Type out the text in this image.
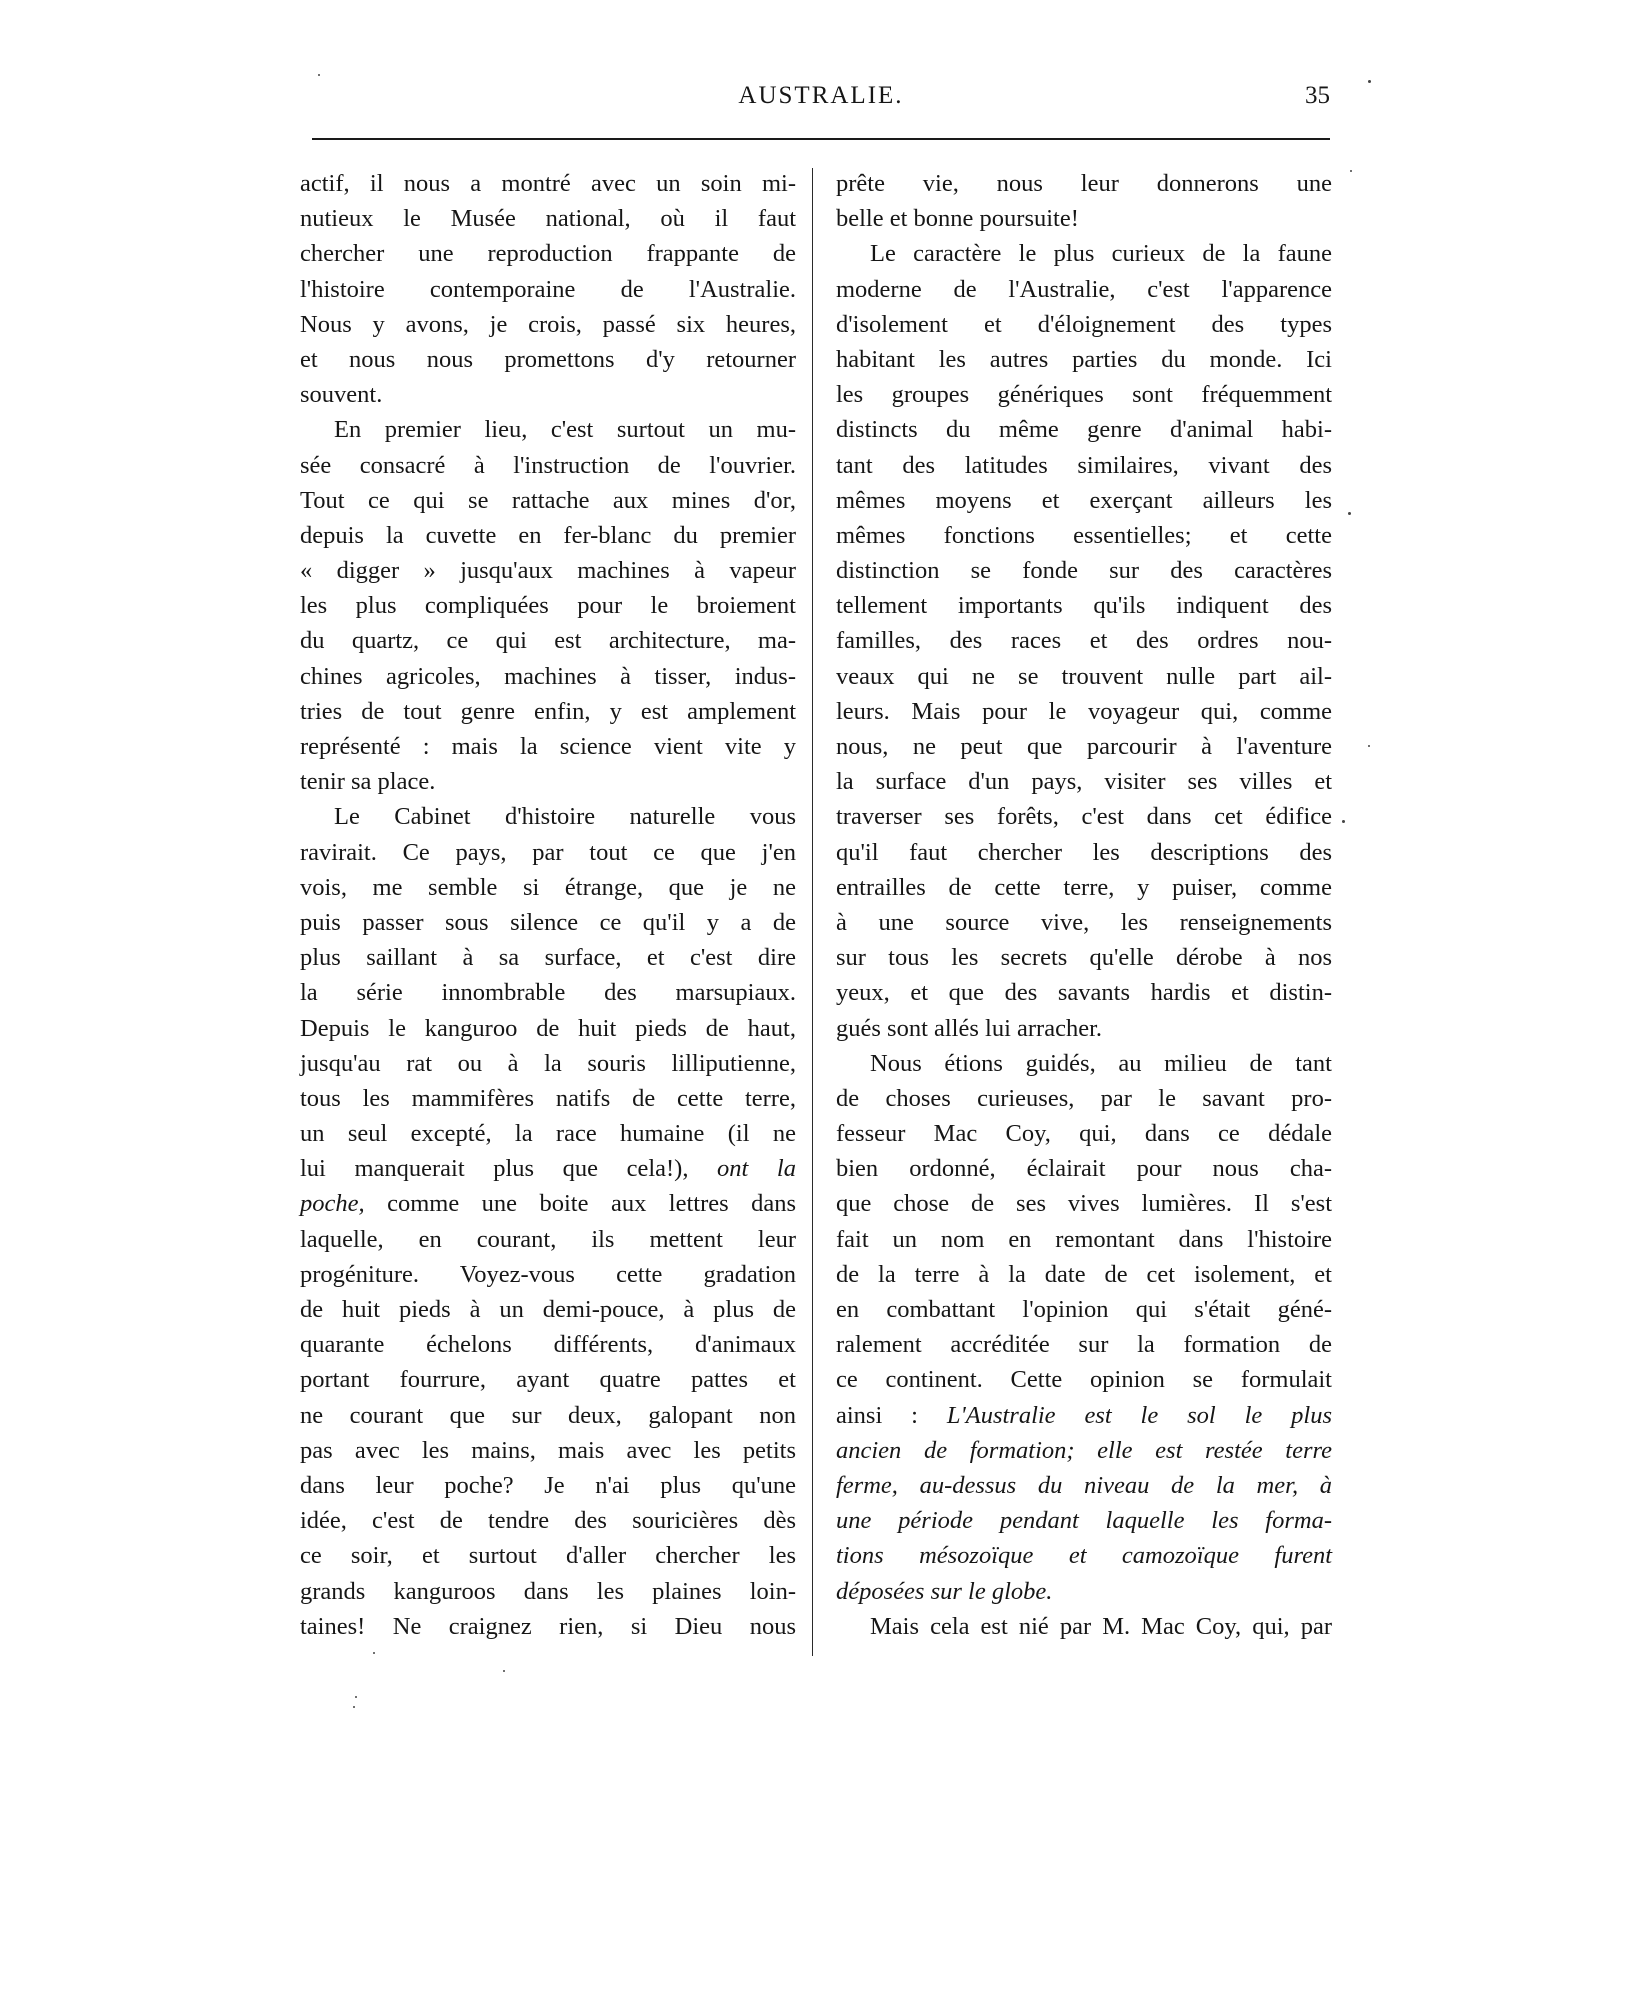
AUSTRALIE.	35
actif, il nous a montré avec un soin mi-
nutieux le Musée national, où il faut
chercher une reproduction frappante de
l'histoire contemporaine de l'Australie.
Nous y avons, je crois, passé six heures,
et nous nous promettons d'y retourner
souvent.
En premier lieu, c'est surtout un mu-
sée consacré à l'instruction de l'ouvrier.
Tout ce qui se rattache aux mines d'or,
depuis la cuvette en fer-blanc du premier
« digger » jusqu'aux machines à vapeur
les plus compliquées pour le broiement
du quartz, ce qui est architecture, ma-
chines agricoles, machines à tisser, indus-
tries de tout genre enfin, y est amplement
représenté : mais la science vient vite y
tenir sa place.
Le Cabinet d'histoire naturelle vous
ravirait. Ce pays, par tout ce que j'en
vois, me semble si étrange, que je ne
puis passer sous silence ce qu'il y a de
plus saillant à sa surface, et c'est dire
la série innombrable des marsupiaux.
Depuis le kanguroo de huit pieds de haut,
jusqu'au rat ou à la souris lilliputienne,
tous les mammifères natifs de cette terre,
un seul excepté, la race humaine (il ne
lui manquerait plus que cela!), ont la
poche, comme une boite aux lettres dans
laquelle, en courant, ils mettent leur
progéniture. Voyez-vous cette gradation
de huit pieds à un demi-pouce, à plus de
quarante échelons différents, d'animaux
portant fourrure, ayant quatre pattes et
ne courant que sur deux, galopant non
pas avec les mains, mais avec les petits
dans leur poche? Je n'ai plus qu'une
idée, c'est de tendre des souricières dès
ce soir, et surtout d'aller chercher les
grands kanguroos dans les plaines loin-
taines! Ne craignez rien, si Dieu nous
prête vie, nous leur donnerons une
belle et bonne poursuite!
Le caractère le plus curieux de la faune
moderne de l'Australie, c'est l'apparence
d'isolement et d'éloignement des types
habitant les autres parties du monde. Ici
les groupes génériques sont fréquemment
distincts du même genre d'animal habi-
tant des latitudes similaires, vivant des
mêmes moyens et exerçant ailleurs les
mêmes fonctions essentielles; et cette
distinction se fonde sur des caractères
tellement importants qu'ils indiquent des
familles, des races et des ordres nou-
veaux qui ne se trouvent nulle part ail-
leurs. Mais pour le voyageur qui, comme
nous, ne peut que parcourir à l'aventure
la surface d'un pays, visiter ses villes et
traverser ses forêts, c'est dans cet édifice
qu'il faut chercher les descriptions des
entrailles de cette terre, y puiser, comme
à une source vive, les renseignements
sur tous les secrets qu'elle dérobe à nos
yeux, et que des savants hardis et distin-
gués sont allés lui arracher.
Nous étions guidés, au milieu de tant
de choses curieuses, par le savant pro-
fesseur Mac Coy, qui, dans ce dédale
bien ordonné, éclairait pour nous cha-
que chose de ses vives lumières. Il s'est
fait un nom en remontant dans l'histoire
de la terre à la date de cet isolement, et
en combattant l'opinion qui s'était géné-
ralement accréditée sur la formation de
ce continent. Cette opinion se formulait
ainsi : L'Australie est le sol le plus
ancien de formation; elle est restée terre
ferme, au-dessus du niveau de la mer, à
une période pendant laquelle les forma-
tions mésozoïque et camozoïque furent
déposées sur le globe.
Mais cela est nié par M. Mac Coy, qui, par
